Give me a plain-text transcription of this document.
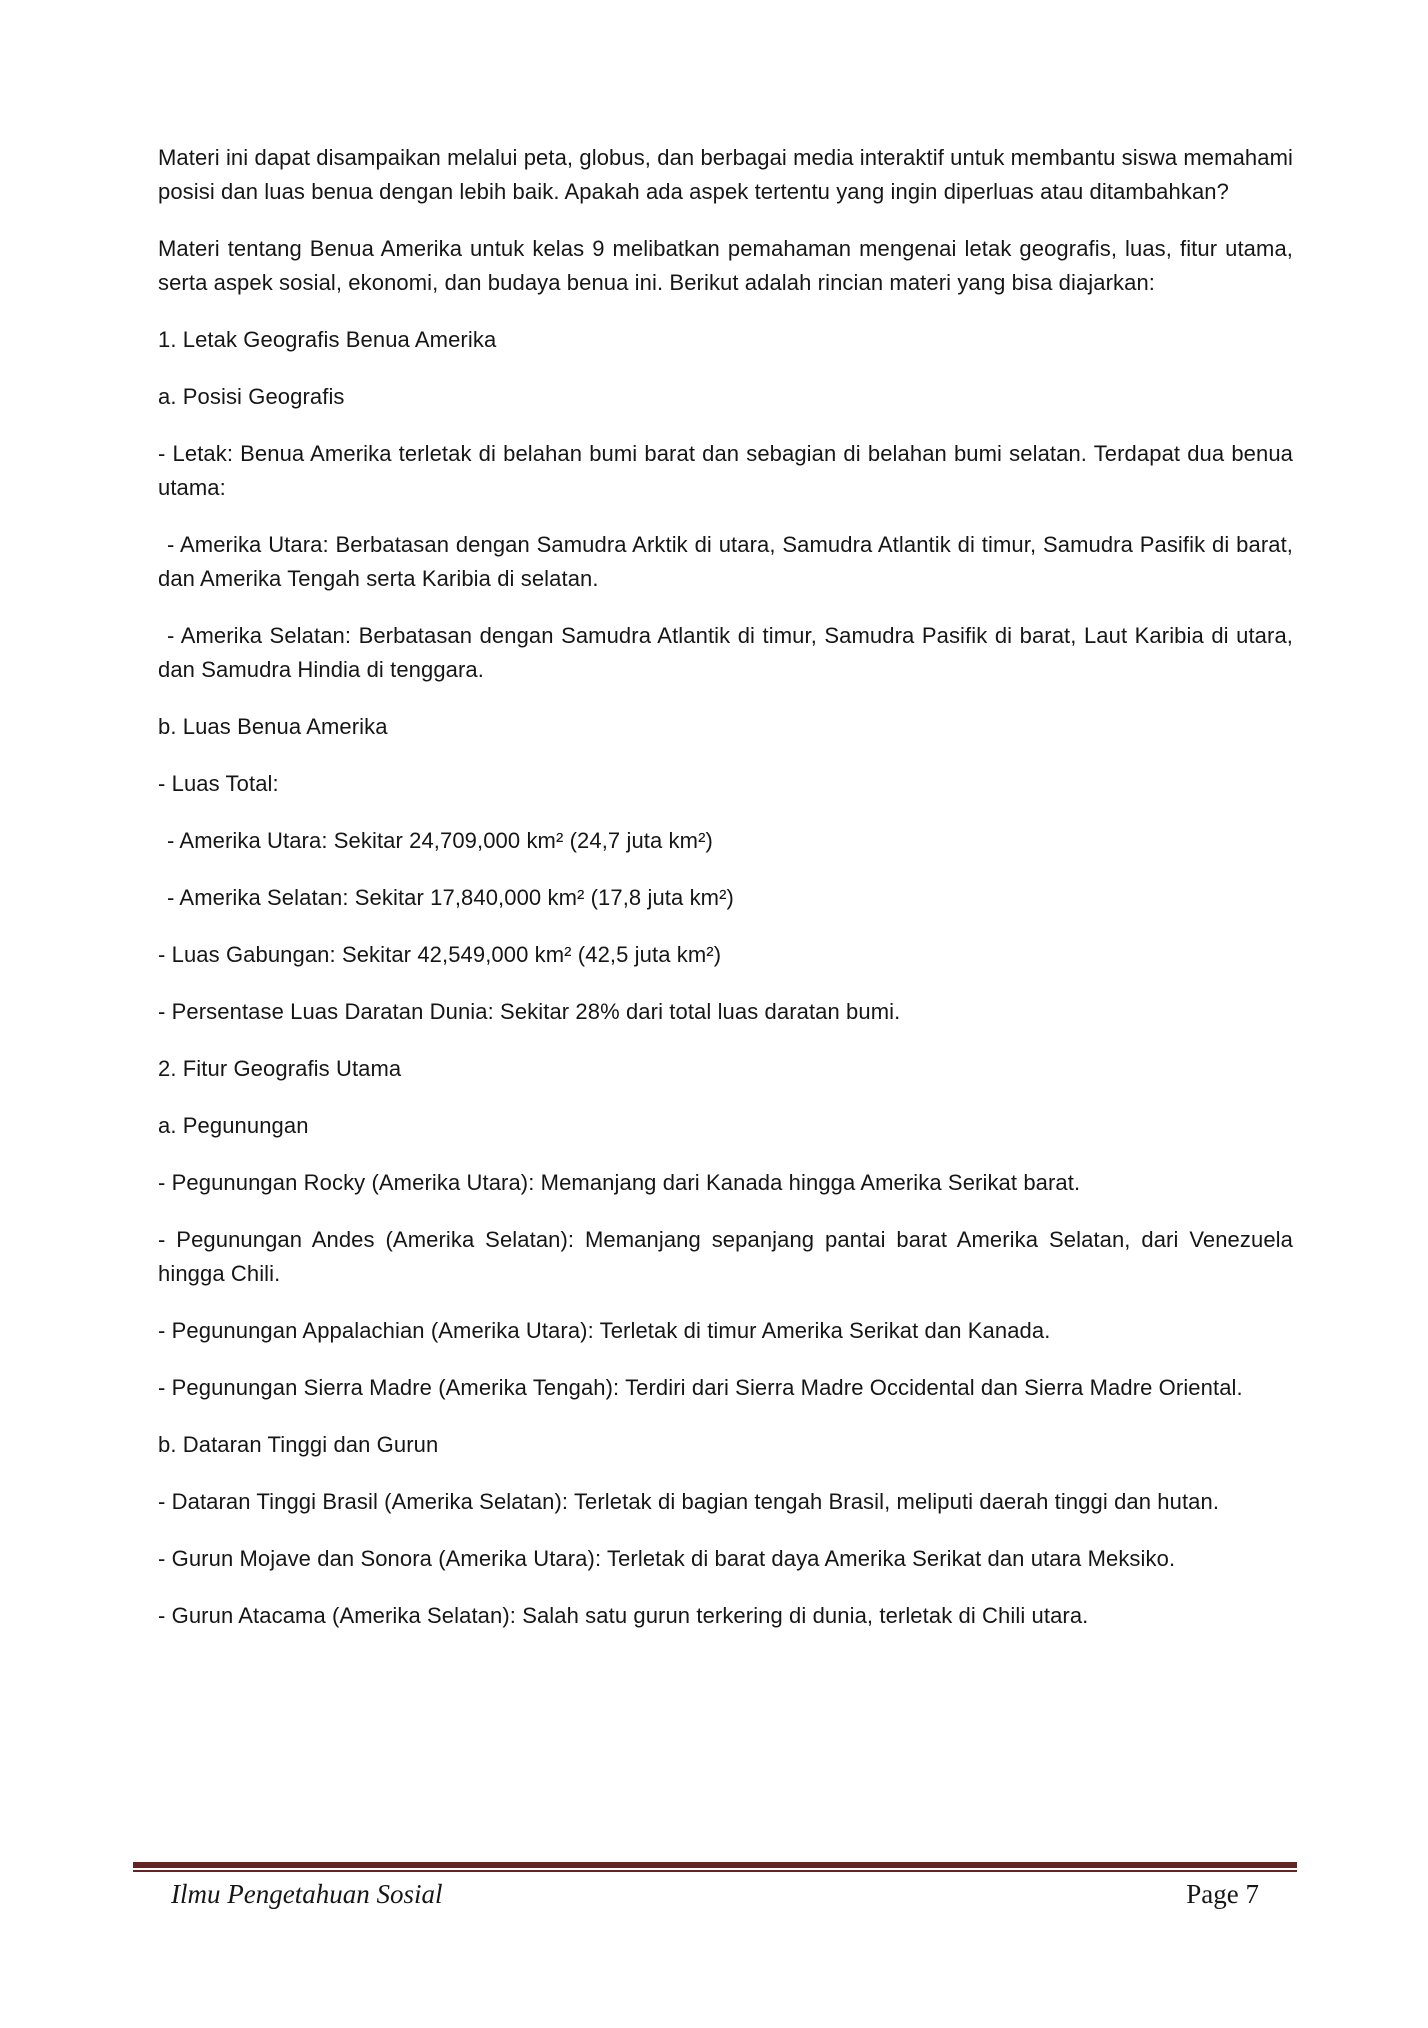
Materi ini dapat disampaikan melalui peta, globus, dan berbagai media interaktif untuk membantu siswa memahami posisi dan luas benua dengan lebih baik. Apakah ada aspek tertentu yang ingin diperluas atau ditambahkan?

Materi tentang Benua Amerika untuk kelas 9 melibatkan pemahaman mengenai letak geografis, luas, fitur utama, serta aspek sosial, ekonomi, dan budaya benua ini. Berikut adalah rincian materi yang bisa diajarkan:

1. Letak Geografis Benua Amerika

a. Posisi Geografis

- Letak: Benua Amerika terletak di belahan bumi barat dan sebagian di belahan bumi selatan. Terdapat dua benua utama:

- Amerika Utara: Berbatasan dengan Samudra Arktik di utara, Samudra Atlantik di timur, Samudra Pasifik di barat, dan Amerika Tengah serta Karibia di selatan.

- Amerika Selatan: Berbatasan dengan Samudra Atlantik di timur, Samudra Pasifik di barat, Laut Karibia di utara, dan Samudra Hindia di tenggara.

b. Luas Benua Amerika

- Luas Total:

- Amerika Utara: Sekitar 24,709,000 km² (24,7 juta km²)

- Amerika Selatan: Sekitar 17,840,000 km² (17,8 juta km²)

- Luas Gabungan: Sekitar 42,549,000 km² (42,5 juta km²)

- Persentase Luas Daratan Dunia: Sekitar 28% dari total luas daratan bumi.

2. Fitur Geografis Utama

a. Pegunungan

- Pegunungan Rocky (Amerika Utara): Memanjang dari Kanada hingga Amerika Serikat barat.

- Pegunungan Andes (Amerika Selatan): Memanjang sepanjang pantai barat Amerika Selatan, dari Venezuela hingga Chili.

- Pegunungan Appalachian (Amerika Utara): Terletak di timur Amerika Serikat dan Kanada.

- Pegunungan Sierra Madre (Amerika Tengah): Terdiri dari Sierra Madre Occidental dan Sierra Madre Oriental.

b. Dataran Tinggi dan Gurun

- Dataran Tinggi Brasil (Amerika Selatan): Terletak di bagian tengah Brasil, meliputi daerah tinggi dan hutan.

- Gurun Mojave dan Sonora (Amerika Utara): Terletak di barat daya Amerika Serikat dan utara Meksiko.

- Gurun Atacama (Amerika Selatan): Salah satu gurun terkering di dunia, terletak di Chili utara.

Ilmu Pengetahuan Sosial	Page 7
